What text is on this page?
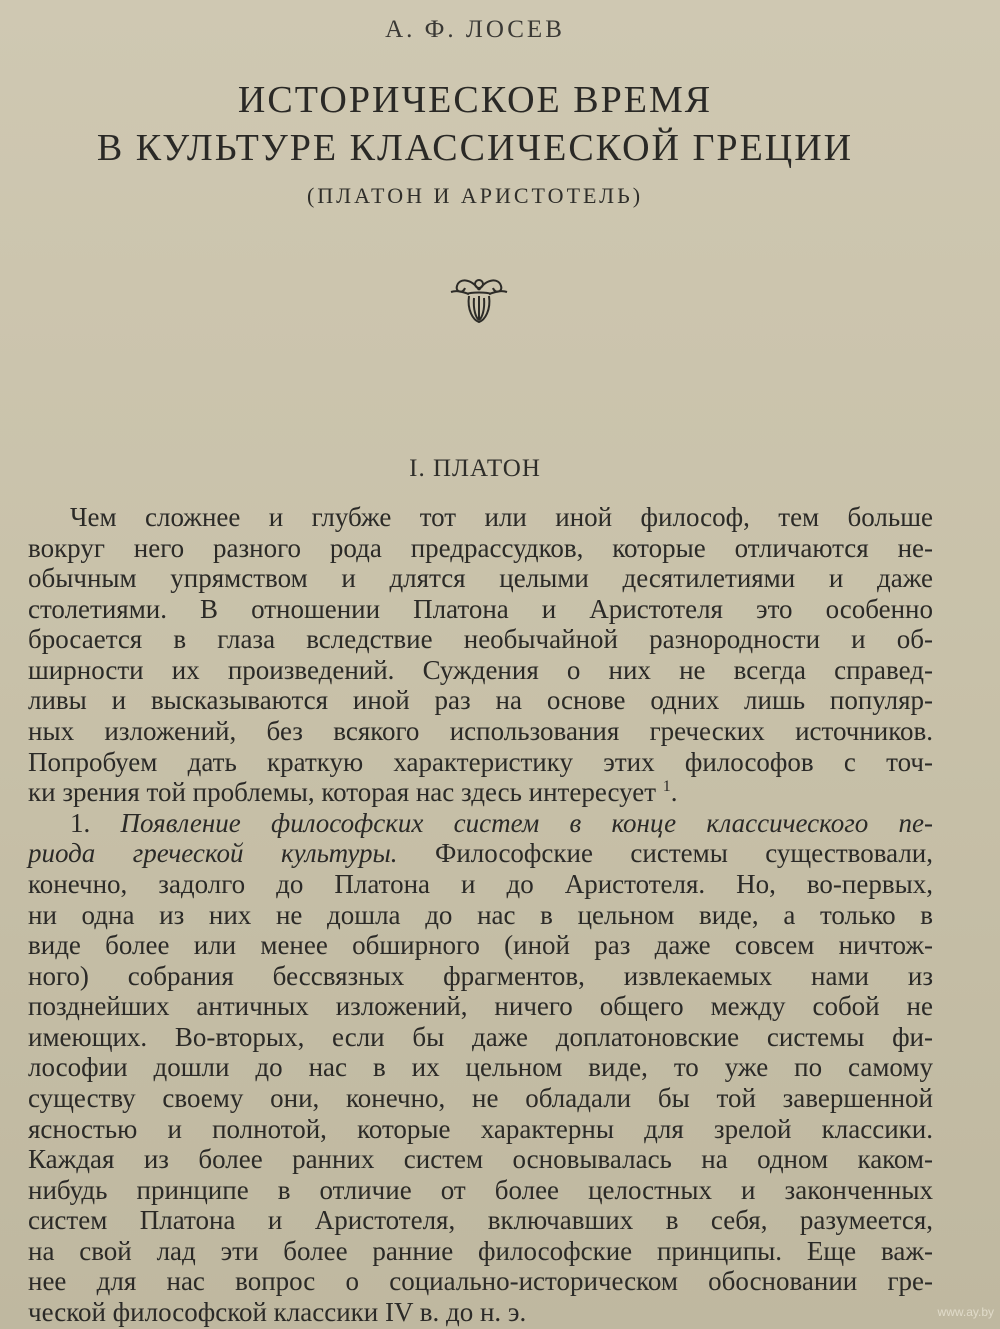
А. Ф. ЛОСЕВ
ИСТОРИЧЕСКОЕ ВРЕМЯ
В КУЛЬТУРЕ КЛАССИЧЕСКОЙ ГРЕЦИИ
(ПЛАТОН И АРИСТОТЕЛЬ)
I. ПЛАТОН
Чем сложнее и глубже тот или иной философ, тем больше
вокруг него разного рода предрассудков, которые отличаются не-
обычным упрямством и длятся целыми десятилетиями и даже
столетиями. В отношении Платона и Аристотеля это особенно
бросается в глаза вследствие необычайной разнородности и об-
ширности их произведений. Суждения о них не всегда справед-
ливы и высказываются иной раз на основе одних лишь популяр-
ных изложений, без всякого использования греческих источников.
Попробуем дать краткую характеристику этих философов с точ-
ки зрения той проблемы, которая нас здесь интересует $^1$.
1. Появление философских систем в конце классического пе-
риода греческой культуры. Философские системы существовали,
конечно, задолго до Платона и до Аристотеля. Но, во-первых,
ни одна из них не дошла до нас в цельном виде, а только в
виде более или менее обширного (иной раз даже совсем ничтож-
ного) собрания бессвязных фрагментов, извлекаемых нами из
позднейших античных изложений, ничего общего между собой не
имеющих. Во-вторых, если бы даже доплатоновские системы фи-
лософии дошли до нас в их цельном виде, то уже по самому
существу своему они, конечно, не обладали бы той завершенной
ясностью и полнотой, которые характерны для зрелой классики.
Каждая из более ранних систем основывалась на одном каком-
нибудь принципе в отличие от более целостных и законченных
систем Платона и Аристотеля, включавших в себя, разумеется,
на свой лад эти более ранние философские принципы. Еще важ-
нее для нас вопрос о социально-историческом обосновании гре-
ческой философской классики IV в. до н. э.	www.ay.by
